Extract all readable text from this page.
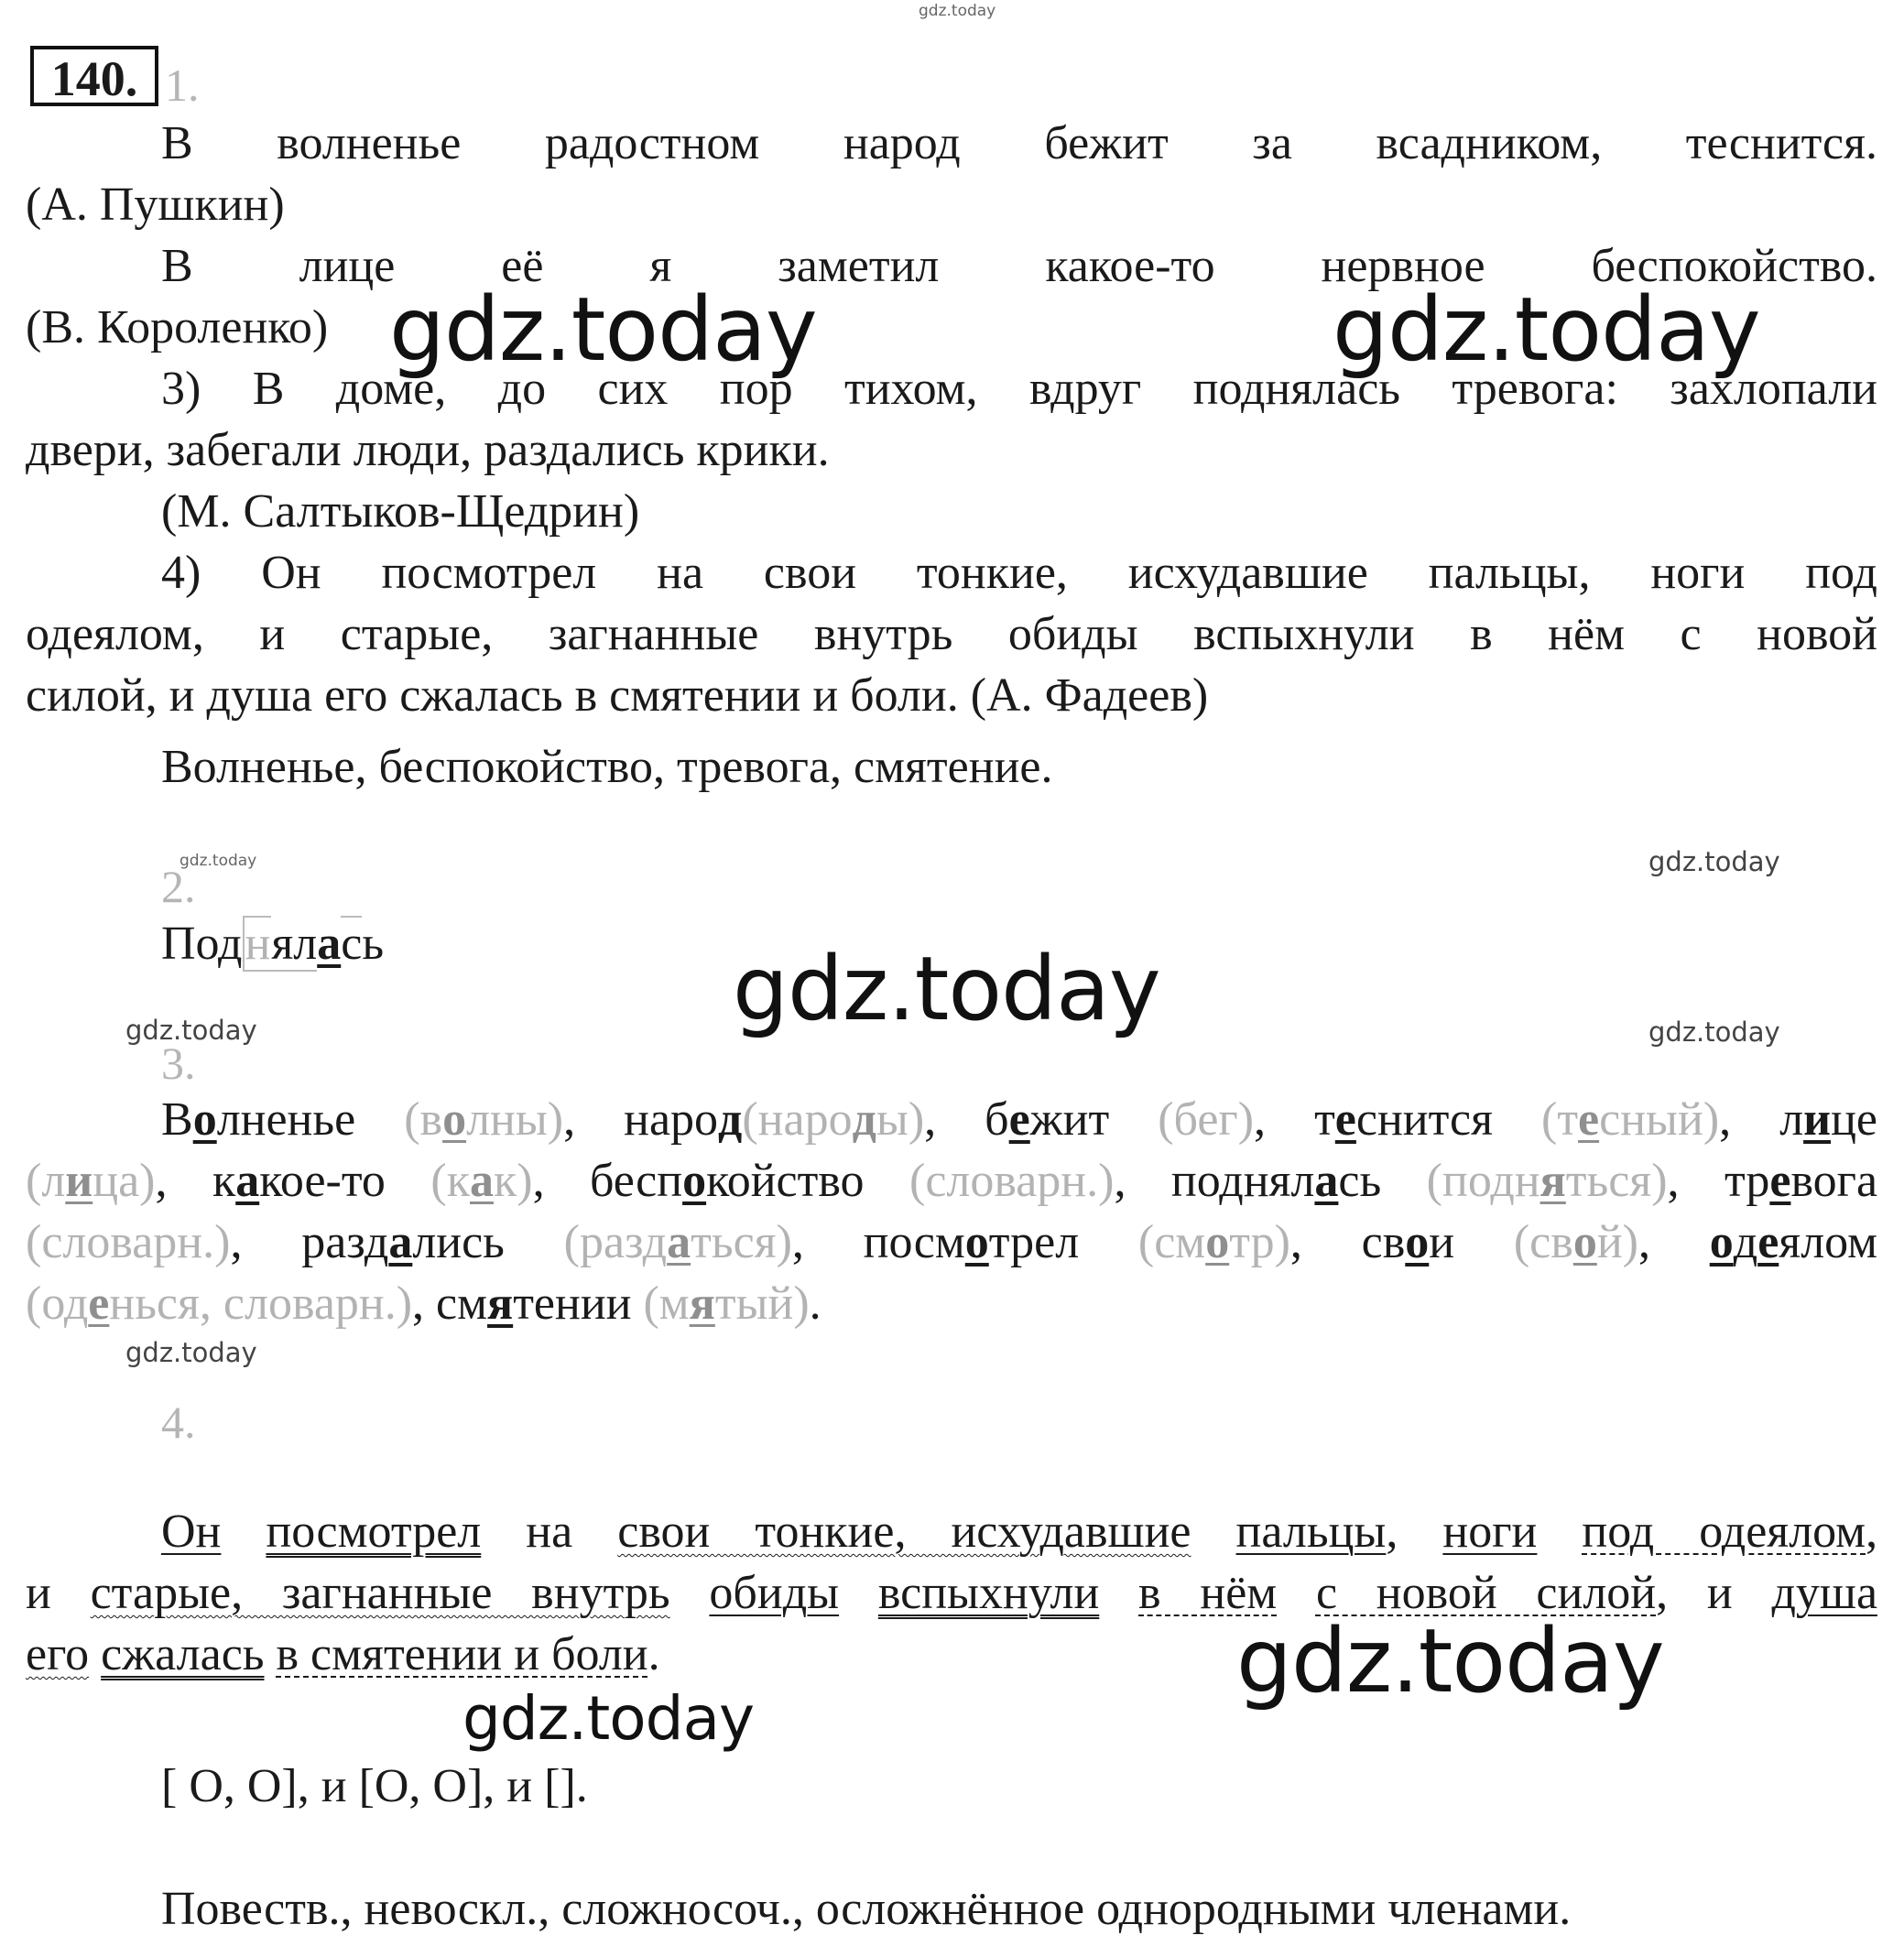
gdz.today
gdz.today	gdz.today
gdz.today
gdz.today
gdz.today
gdz.today
gdz.today	gdz.today
gdz.today
gdz.today
140. 1.
В волненье радостном народ бежит за всадником, теснится.
(А. Пушкин)
В лице её я заметил какое-то нервное беспокойство.
(В. Короленко)
3) В доме, до сих пор тихом, вдруг поднялась тревога: захлопали
двери, забегали люди, раздались крики.
(М. Салтыков-Щедрин)
4) Он посмотрел на свои тонкие, исхудавшие пальцы, ноги под
одеялом, и старые, загнанные внутрь обиды вспыхнули в нём с новой
силой, и душа его сжалась в смятении и боли. (А. Фадеев)
Волненье, беспокойство, тревога, смятение.
2.
Поднялась
3.
Волненье (волны), народ(народы), бежит (бег), теснится (тесный), лице
(лица), какое-то (как), беспокойство (словарн.), поднялась (подняться), тревога
(словарн.), раздались (раздаться), посмотрел (смотр), свои (свой), одеялом
(оденься, словарн.), смятении (мятый).
4.
Он посмотрел на свои тонкие, исхудавшие пальцы, ноги под одеялом,
и старые, загнанные внутрь обиды вспыхнули в нём с новой силой, и душа
его сжалась в смятении и боли.
[ О, О], и [О, О], и [].
Повеств., невоскл., сложносоч., осложнённое однородными членами.
